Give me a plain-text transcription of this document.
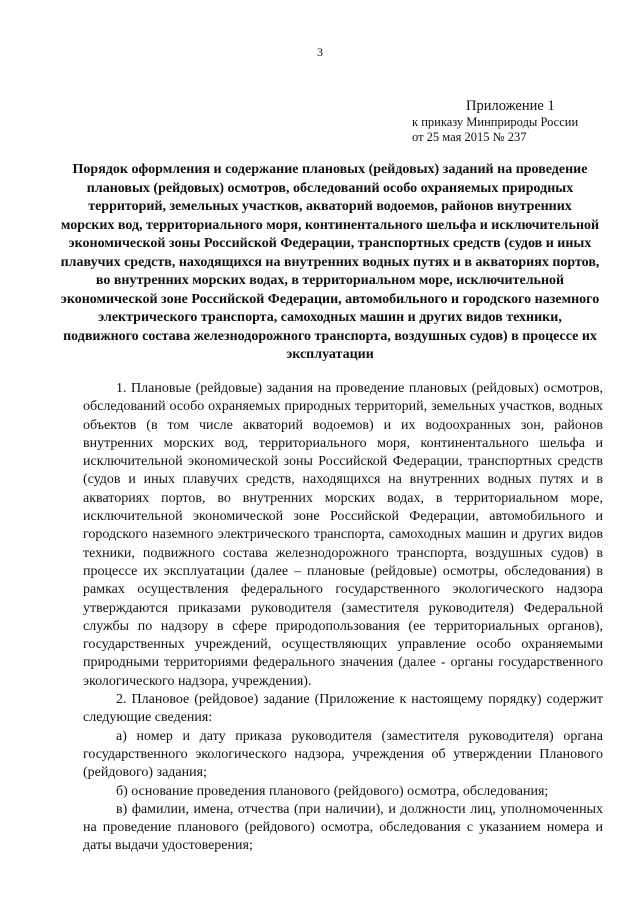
3
Приложение 1
к приказу Минприроды России
от 25 мая 2015 № 237
Порядок оформления и содержание плановых (рейдовых) заданий на проведение плановых (рейдовых) осмотров, обследований особо охраняемых природных территорий, земельных участков, акваторий водоемов, районов внутренних морских вод, территориального моря, континентального шельфа и исключительной экономической зоны Российской Федерации, транспортных средств (судов и иных плавучих средств, находящихся на внутренних водных путях и в акваториях портов, во внутренних морских водах, в территориальном море, исключительной экономической зоне Российской Федерации, автомобильного и городского наземного электрического транспорта, самоходных машин и других видов техники, подвижного состава железнодорожного транспорта, воздушных судов) в процессе их эксплуатации

1. Плановые (рейдовые) задания на проведение плановых (рейдовых) осмотров, обследований особо охраняемых природных территорий, земельных участков, водных объектов (в том числе акваторий водоемов) и их водоохранных зон, районов внутренних морских вод, территориального моря, континентального шельфа и исключительной экономической зоны Российской Федерации, транспортных средств (судов и иных плавучих средств, находящихся на внутренних водных путях и в акваториях портов, во внутренних морских водах, в территориальном море, исключительной экономической зоне Российской Федерации, автомобильного и городского наземного электрического транспорта, самоходных машин и других видов техники, подвижного состава железнодорожного транспорта, воздушных судов) в процессе их эксплуатации (далее – плановые (рейдовые) осмотры, обследования) в рамках осуществления федерального государственного экологического надзора утверждаются приказами руководителя (заместителя руководителя) Федеральной службы по надзору в сфере природопользования (ее территориальных органов), государственных учреждений, осуществляющих управление особо охраняемыми природными территориями федерального значения (далее - органы государственного экологического надзора, учреждения).

2. Плановое (рейдовое) задание (Приложение к настоящему порядку) содержит следующие сведения:

а) номер и дату приказа руководителя (заместителя руководителя) органа государственного экологического надзора, учреждения об утверждении Планового (рейдового) задания;

б) основание проведения планового (рейдового) осмотра, обследования;

в) фамилии, имена, отчества (при наличии), и должности лиц, уполномоченных на проведение планового (рейдового) осмотра, обследования с указанием номера и даты выдачи удостоверения;
